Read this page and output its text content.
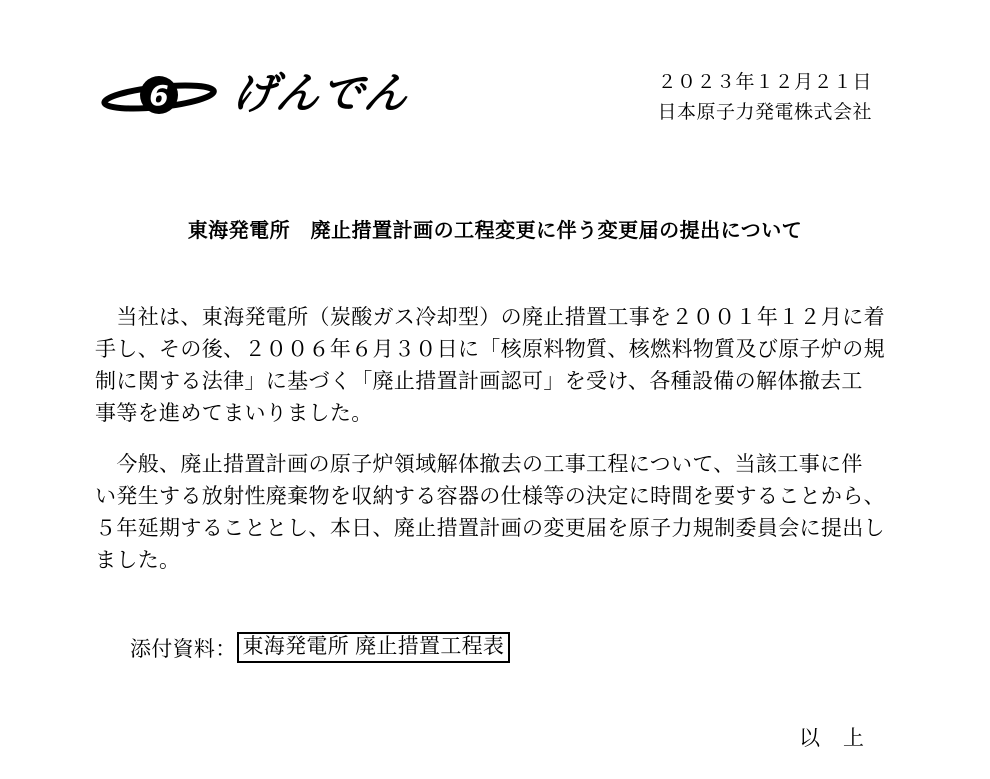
6 げんでん	２０２３年１２月２１日
日本原子力発電株式会社
東海発電所　廃止措置計画の工程変更に伴う変更届の提出について
　当社は、東海発電所（炭酸ガス冷却型）の廃止措置工事を２００１年１２月に着
手し、その後、２００６年６月３０日に「核原料物質、核燃料物質及び原子炉の規
制に関する法律」に基づく「廃止措置計画認可」を受け、各種設備の解体撤去工
事等を進めてまいりました。
　今般、廃止措置計画の原子炉領域解体撤去の工事工程について、当該工事に伴
い発生する放射性廃棄物を収納する容器の仕様等の決定に時間を要することから、
５年延期することとし、本日、廃止措置計画の変更届を原子力規制委員会に提出し
ました。
添付資料： 東海発電所 廃止措置工程表
以　上
